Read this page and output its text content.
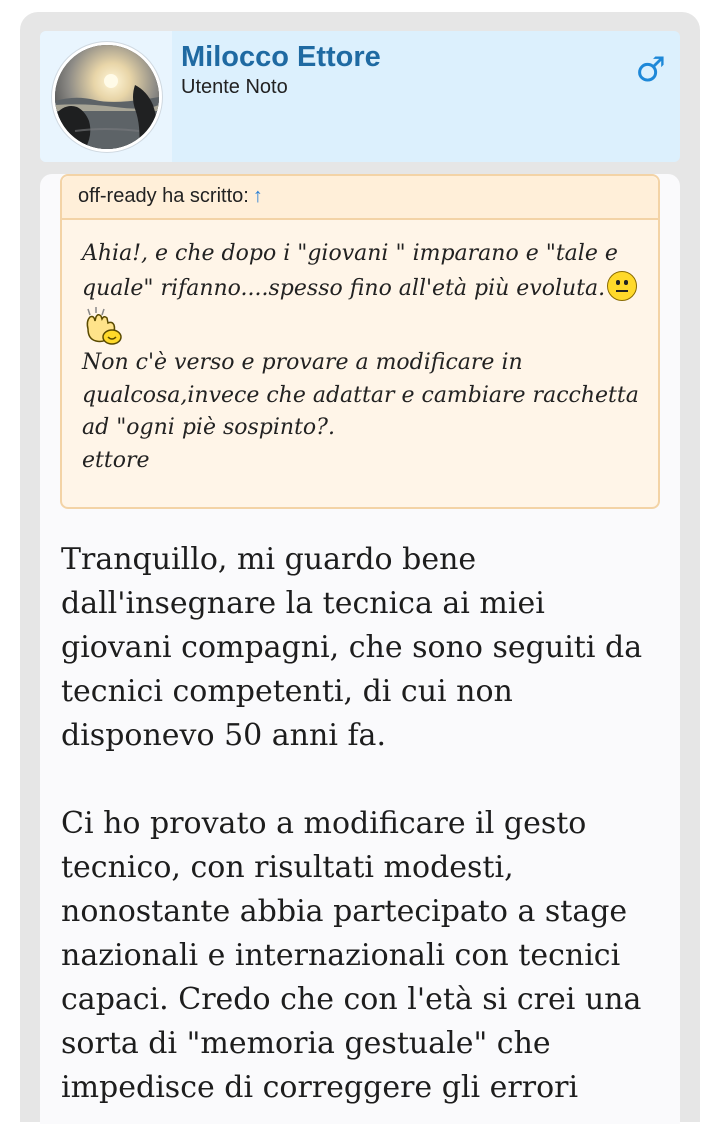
Milocco Ettore
Utente Noto	♂
off-ready ha scritto: ↑
Ahia!, e che dopo i "giovani " imparano e "tale e
quale" rifanno....spesso fino all'età più evoluta.
Non c'è verso e provare a modificare in
qualcosa,invece che adattar e cambiare racchetta
ad "ogni piè sospinto?.
ettore
Tranquillo, mi guardo bene
dall'insegnare la tecnica ai miei
giovani compagni, che sono seguiti da
tecnici competenti, di cui non
disponevo 50 anni fa.
Ci ho provato a modificare il gesto
tecnico, con risultati modesti,
nonostante abbia partecipato a stage
nazionali e internazionali con tecnici
capaci. Credo che con l'età si crei una
sorta di "memoria gestuale" che
impedisce di correggere gli errori
